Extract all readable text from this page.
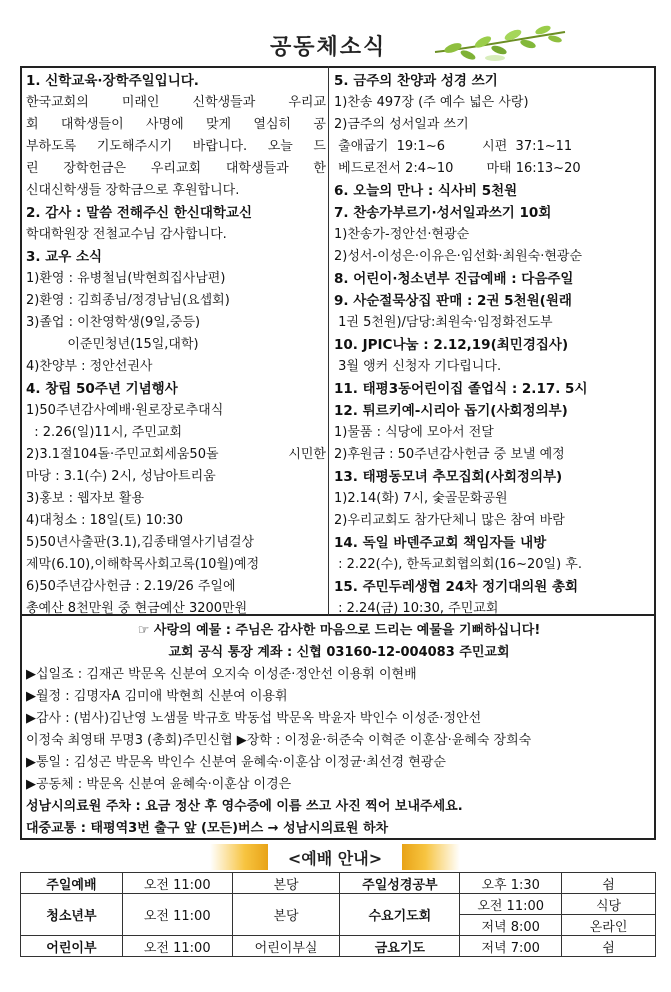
공동체소식
1. 신학교육·장학주일입니다.
한국교회의 미래인 신학생들과 우리교
회 대학생들이 사명에 맞게 열심히 공
부하도록 기도해주시기 바랍니다. 오늘 드
린 장학헌금은 우리교회 대학생들과 한
신대신학생들 장학금으로 후원합니다.
2. 감사 : 말씀 전해주신 한신대학교신
학대학원장 전철교수님 감사합니다.
3. 교우 소식
1)환영 : 유병철님(박현희집사남편)
2)환영 : 김희종님/정경남님(요셉회)
3)졸업 : 이찬영학생(9일,중등)
이준민청년(15일,대학)
4)찬양부 : 정안선권사
4. 창립 50주년 기념행사
1)50주년감사예배·원로장로추대식
: 2.26(일)11시, 주민교회
2)3.1절104돌·주민교회세움50돌 시민한
마당 : 3.1(수) 2시, 성남아트리움
3)홍보 : 웹자보 활용
4)대청소 : 18일(토) 10:30
5)50년사출판(3.1),김종태열사기념걸상
제막(6.10),이해학목사회고록(10월)예정
6)50주년감사헌금 : 2.19/26 주일에
총예산 8천만원 중 현금예산 3200만원
5. 금주의 찬양과 성경 쓰기
1)찬송 497장 (주 예수 넓은 사랑)
2)금주의 성서일과 쓰기
출애굽기  19:1~6         시편  37:1~11
베드로전서 2:4~10        마태 16:13~20
6. 오늘의 만나 : 식사비 5천원
7. 찬송가부르기·성서일과쓰기 10회
1)찬송가-정안선·현광순
2)성서-이성은·이유은·임선화·최원숙·현광순
8. 어린이·청소년부 진급예배 : 다음주일
9. 사순절묵상집 판매 : 2권 5천원(원래
1권 5천원)/담당:최원숙·임정화전도부
10. JPIC나눔 : 2.12,19(최민경집사)
3월 앵커 신청자 기다립니다.
11. 태평3동어린이집 졸업식 : 2.17. 5시
12. 튀르키예-시리아 돕기(사회정의부)
1)물품 : 식당에 모아서 전달
2)후원금 : 50주년감사헌금 중 보낼 예정
13. 태평동모녀 추모집회(사회정의부)
1)2.14(화) 7시, 숯골문화공원
2)우리교회도 참가단체니 많은 참여 바람
14. 독일 바덴주교회 책임자들 내방
: 2.22(수), 한독교회협의회(16~20일) 후.
15. 주민두레생협 24차 정기대의원 총회
: 2.24(금) 10:30, 주민교회
☞ 사랑의 예물 : 주님은 감사한 마음으로 드리는 예물을 기뻐하십니다!
교회 공식 통장 계좌 : 신협 03160-12-004083 주민교회
▶십일조 : 김재곤 박문옥 신분여 오지숙 이성준·정안선 이용휘 이현배
▶월정 : 김명자A 김미애 박현희 신분여 이용휘
▶감사 : (범사)김난영 노샘물 박규호 박동섭 박문옥 박윤자 박인수 이성준·정안선
이정숙 최영태 무명3 (총회)주민신협 ▶장학 : 이정윤·허준숙 이혁준 이훈삼·윤혜숙 장희숙
▶통일 : 김성곤 박문옥 박인수 신분여 윤혜숙·이훈삼 이정균·최선경 현광순
▶공동체 : 박문옥 신분여 윤혜숙·이훈삼 이경은
성남시의료원 주차 : 요금 정산 후 영수증에 이름 쓰고 사진 찍어 보내주세요.
대중교통 : 태평역3번 출구 앞 (모든)버스 → 성남시의료원 하차
<예배 안내>
주일예배	오전 11:00	본당	주일성경공부	오후 1:30	쉼
청소년부	오전 11:00	본당	수요기도회	오전 11:00	식당
				저녁 8:00	온라인
어린이부	오전 11:00	어린이부실	금요기도	저녁 7:00	쉼
